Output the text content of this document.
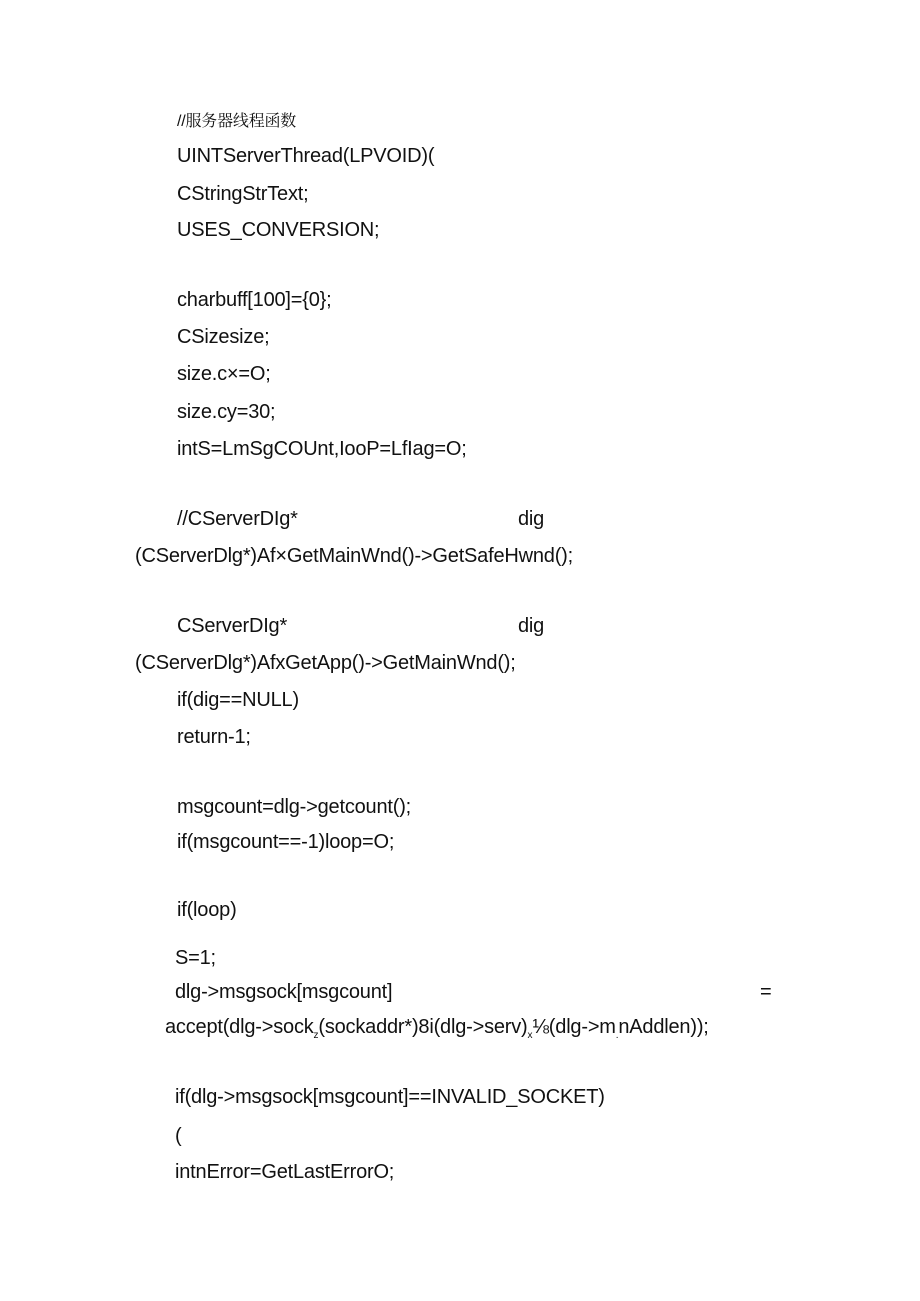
//服务器线程函数
UINTServerThread(LPVOID)(
CStringStrText;
USES_CONVERSION;
charbuff[100]={0};
CSizesize;
size.c×=O;
size.cy=30;
intS=LmSgCOUnt,IooP=LfIag=O;
//CServerDIg*	dig
(CServerDlg*)Af×GetMainWnd()->GetSafeHwnd();
CServerDIg*	dig
(CServerDlg*)AfxGetApp()->GetMainWnd();
if(dig==NULL)
return-1;
msgcount=dlg->getcount();
if(msgcount==-1)loop=O;
if(loop)
S=1;
dlg->msgsock[msgcount]	=
$accept(dlg->sock_z(sockaddr*)8i(dlg->serv)_x\frac{1}{8}(dlg->m_.nAddlen))$;
if(dlg->msgsock[msgcount]==INVALID_SOCKET)
(
intnError=GetLastErrorO;
